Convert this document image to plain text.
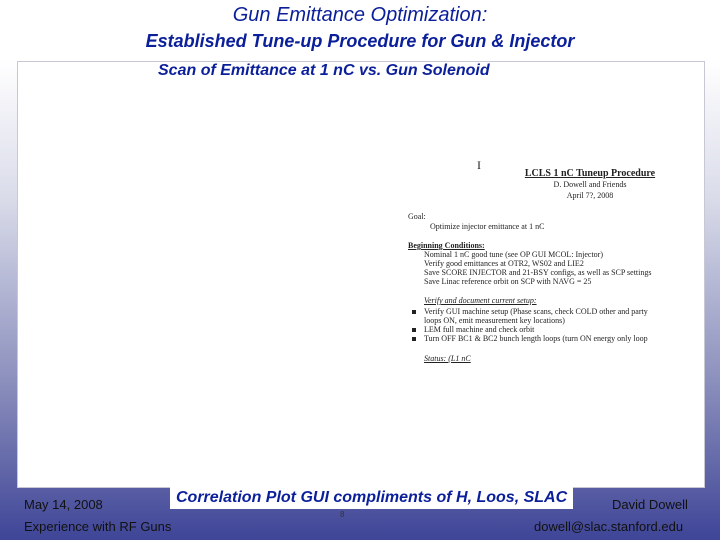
Gun Emittance Optimization:
Established Tune-up Procedure for Gun & Injector
Scan of Emittance at 1 nC vs. Gun Solenoid
I
LCLS 1 nC Tuneup Procedure
D. Dowell and Friends
April 7?, 2008
Goal:
Optimize injector emittance at 1 nC
Beginning Conditions:
Nominal 1 nC good tune (see OP GUI MCOL: Injector)
Verify good emittances at OTR2, WS02 and LIE2
Save SCORE INJECTOR and 21-BSY configs, as well as SCP settings
Save Linac reference orbit on SCP with NAVG = 25
Verify and document current setup:
Verify GUI machine setup (Phase scans, check COLD other and party
loops ON, emit measurement key locations)
LEM full machine and check orbit
Turn OFF BC1 & BC2 bunch length loops (turn ON energy only loop
Status: (L1 nC
Correlation Plot GUI compliments of H, Loos, SLAC
May 14, 2008
Experience with RF Guns
8
David Dowell
dowell@slac.stanford.edu
